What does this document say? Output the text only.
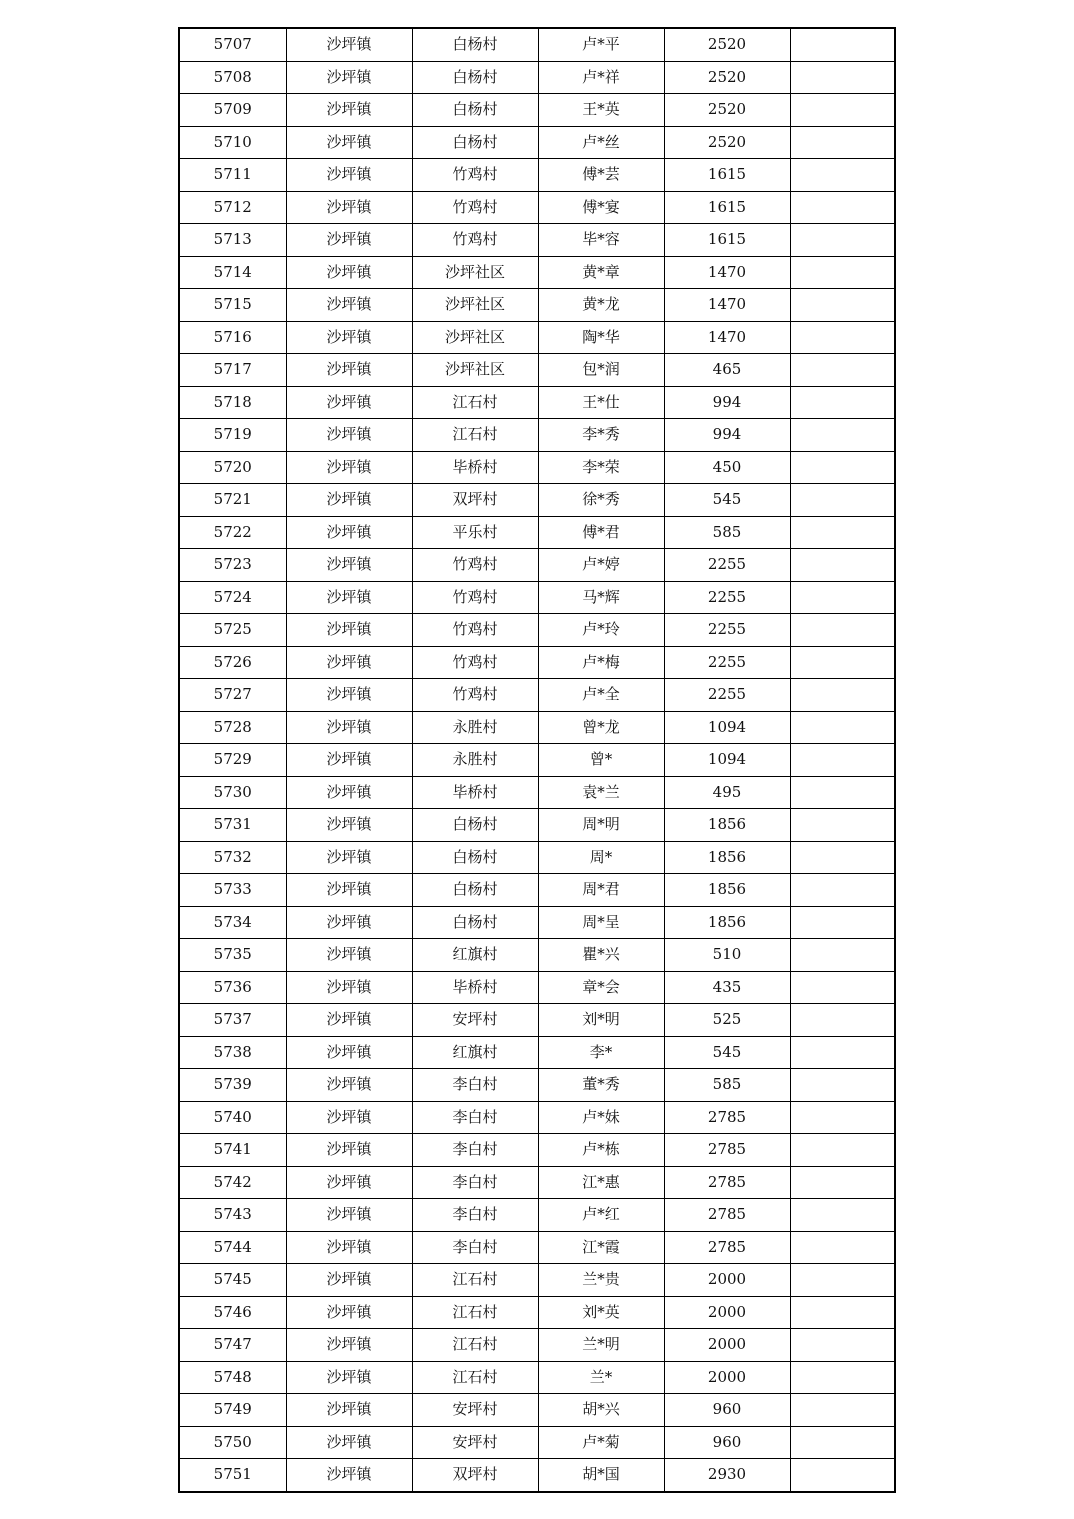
5707	沙坪镇	白杨村	卢*平	2520	
5708	沙坪镇	白杨村	卢*祥	2520	
5709	沙坪镇	白杨村	王*英	2520	
5710	沙坪镇	白杨村	卢*丝	2520	
5711	沙坪镇	竹鸡村	傅*芸	1615	
5712	沙坪镇	竹鸡村	傅*宴	1615	
5713	沙坪镇	竹鸡村	毕*容	1615	
5714	沙坪镇	沙坪社区	黄*章	1470	
5715	沙坪镇	沙坪社区	黄*龙	1470	
5716	沙坪镇	沙坪社区	陶*华	1470	
5717	沙坪镇	沙坪社区	包*润	465	
5718	沙坪镇	江石村	王*仕	994	
5719	沙坪镇	江石村	李*秀	994	
5720	沙坪镇	毕桥村	李*荣	450	
5721	沙坪镇	双坪村	徐*秀	545	
5722	沙坪镇	平乐村	傅*君	585	
5723	沙坪镇	竹鸡村	卢*婷	2255	
5724	沙坪镇	竹鸡村	马*辉	2255	
5725	沙坪镇	竹鸡村	卢*玲	2255	
5726	沙坪镇	竹鸡村	卢*梅	2255	
5727	沙坪镇	竹鸡村	卢*全	2255	
5728	沙坪镇	永胜村	曾*龙	1094	
5729	沙坪镇	永胜村	曾*	1094	
5730	沙坪镇	毕桥村	袁*兰	495	
5731	沙坪镇	白杨村	周*明	1856	
5732	沙坪镇	白杨村	周*	1856	
5733	沙坪镇	白杨村	周*君	1856	
5734	沙坪镇	白杨村	周*呈	1856	
5735	沙坪镇	红旗村	瞿*兴	510	
5736	沙坪镇	毕桥村	章*会	435	
5737	沙坪镇	安坪村	刘*明	525	
5738	沙坪镇	红旗村	李*	545	
5739	沙坪镇	李白村	董*秀	585	
5740	沙坪镇	李白村	卢*妹	2785	
5741	沙坪镇	李白村	卢*栋	2785	
5742	沙坪镇	李白村	江*惠	2785	
5743	沙坪镇	李白村	卢*红	2785	
5744	沙坪镇	李白村	江*霞	2785	
5745	沙坪镇	江石村	兰*贵	2000	
5746	沙坪镇	江石村	刘*英	2000	
5747	沙坪镇	江石村	兰*明	2000	
5748	沙坪镇	江石村	兰*	2000	
5749	沙坪镇	安坪村	胡*兴	960	
5750	沙坪镇	安坪村	卢*菊	960	
5751	沙坪镇	双坪村	胡*国	2930	
